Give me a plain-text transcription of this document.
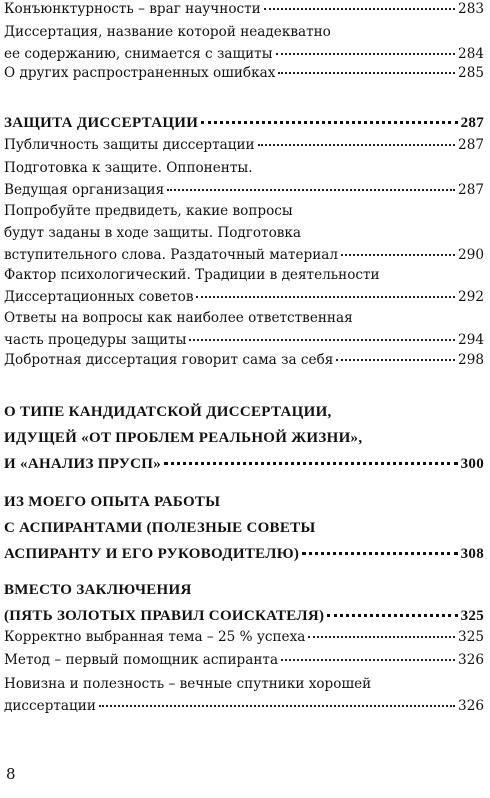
Конъюнктурность – враг научности	283
Диссертация, название которой неадекватно
ее содержанию, снимается с защиты	284
О других распространенных ошибках	285
ЗАЩИТА ДИССЕРТАЦИИ	287
Публичность защиты диссертации	287
Подготовка к защите. Оппоненты.
Ведущая организация	287
Попробуйте предвидеть, какие вопросы
будут заданы в ходе защиты. Подготовка
вступительного слова. Раздаточный материал	290
Фактор психологический. Традиции в деятельности
Диссертационных советов	292
Ответы на вопросы как наиболее ответственная
часть процедуры защиты	294
Добротная диссертация говорит сама за себя	298
О ТИПЕ КАНДИДАТСКОЙ ДИССЕРТАЦИИ,
ИДУЩЕЙ «ОТ ПРОБЛЕМ РЕАЛЬНОЙ ЖИЗНИ»,
И «АНАЛИЗ ПРУСП»	300
ИЗ МОЕГО ОПЫТА РАБОТЫ
С АСПИРАНТАМИ (ПОЛЕЗНЫЕ СОВЕТЫ
АСПИРАНТУ И ЕГО РУКОВОДИТЕЛЮ)	308
ВМЕСТО ЗАКЛЮЧЕНИЯ
(ПЯТЬ ЗОЛОТЫХ ПРАВИЛ СОИСКАТЕЛЯ)	325
Корректно выбранная тема – 25 % успеха	325
Метод – первый помощник аспиранта	326
Новизна и полезность – вечные спутники хорошей
диссертации	326
8
